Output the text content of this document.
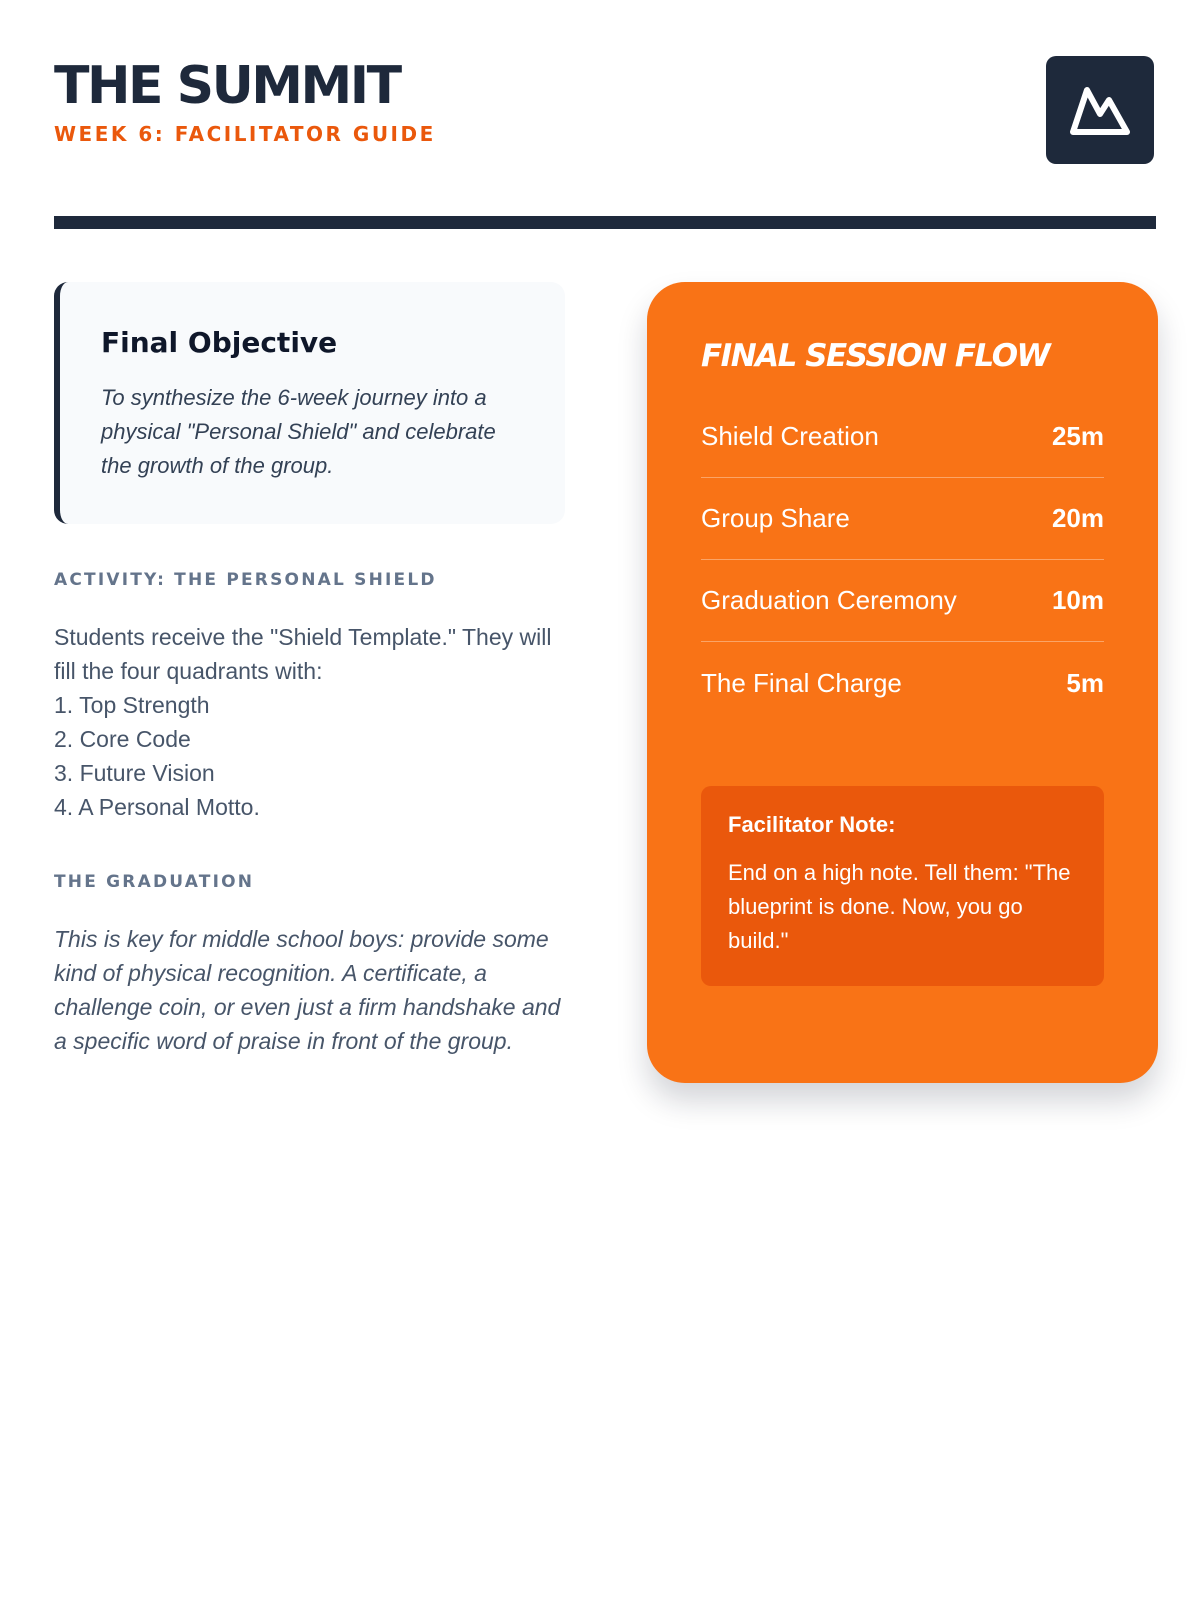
THE SUMMIT
WEEK 6: FACILITATOR GUIDE
Final Objective

To synthesize the 6-week journey into a physical "Personal Shield" and celebrate the growth of the group.

ACTIVITY: THE PERSONAL SHIELD
Students receive the "Shield Template." They will fill the four quadrants with:
1. Top Strength
2. Core Code
3. Future Vision
4. A Personal Motto.
THE GRADUATION
This is key for middle school boys: provide some kind of physical recognition. A certificate, a challenge coin, or even just a firm handshake and a specific word of praise in front of the group.
FINAL SESSION FLOW
Shield Creation	25m
Group Share	20m
Graduation Ceremony	10m
The Final Charge	5m
Facilitator Note:
End on a high note. Tell them: "The blueprint is done. Now, you go build."
